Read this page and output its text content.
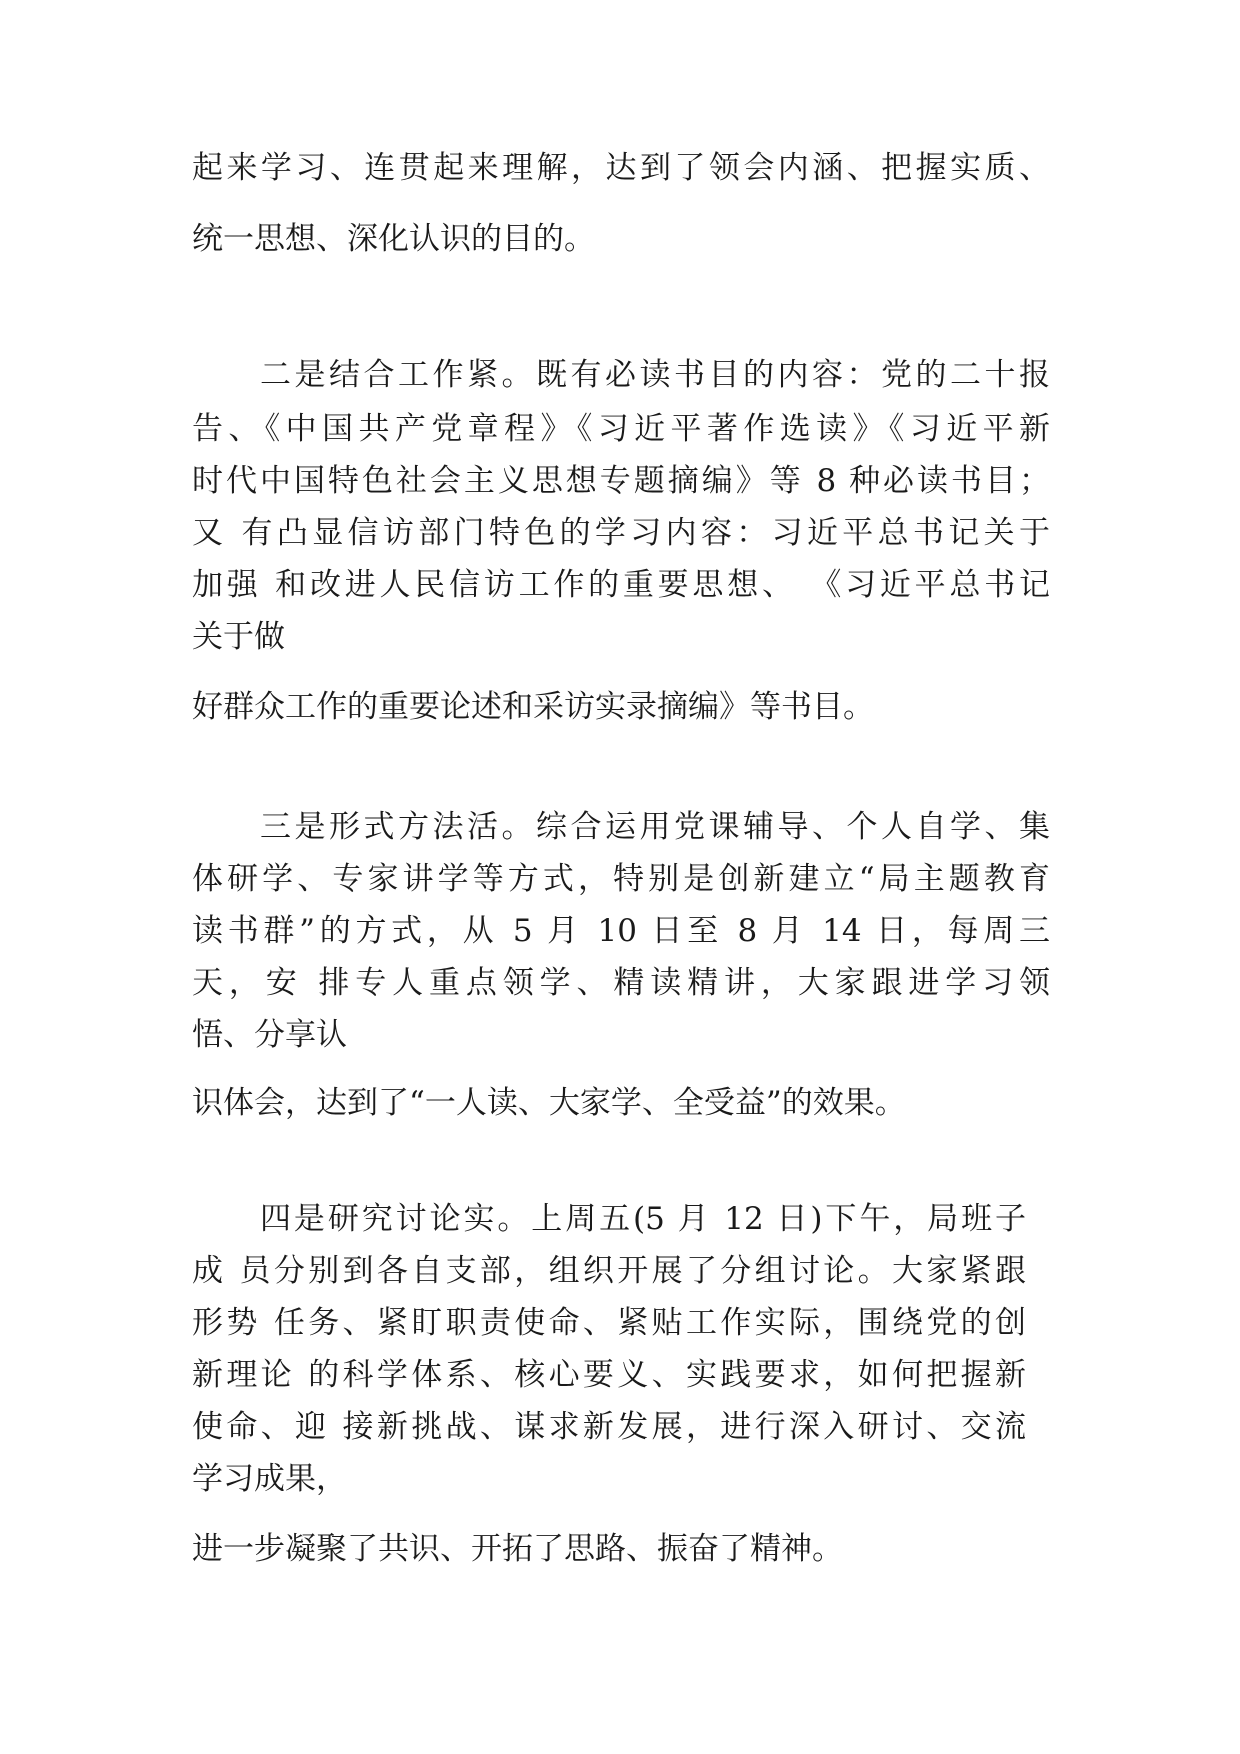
起来学习、连贯起来理解，达到了领会内涵、把握实质、

统一思想、深化认识的目的。

二是结合工作紧。既有必读书目的内容：党的二十报

告、《中国共产党章程》《习近平著作选读》《习近平新

时代中国特色社会主义思想专题摘编》等 8 种必读书目；

又 有凸显信访部门特色的学习内容：习近平总书记关于

加强 和改进人民信访工作的重要思想、 《习近平总书记

关于做

好群众工作的重要论述和采访实录摘编》等书目。

三是形式方法活。综合运用党课辅导、个人自学、集

体研学、专家讲学等方式，特别是创新建立“局主题教育

读书群”的方式，从 5 月 10 日至 8 月 14 日，每周三

天，安 排专人重点领学、精读精讲，大家跟进学习领

悟、分享认

识体会，达到了“一人读、大家学、全受益”的效果。

四是研究讨论实。上周五(5 月 12 日)下午，局班子

成 员分别到各自支部，组织开展了分组讨论。大家紧跟

形势 任务、紧盯职责使命、紧贴工作实际，围绕党的创

新理论 的科学体系、核心要义、实践要求，如何把握新

使命、迎 接新挑战、谋求新发展，进行深入研讨、交流

学习成果，

进一步凝聚了共识、开拓了思路、振奋了精神。
